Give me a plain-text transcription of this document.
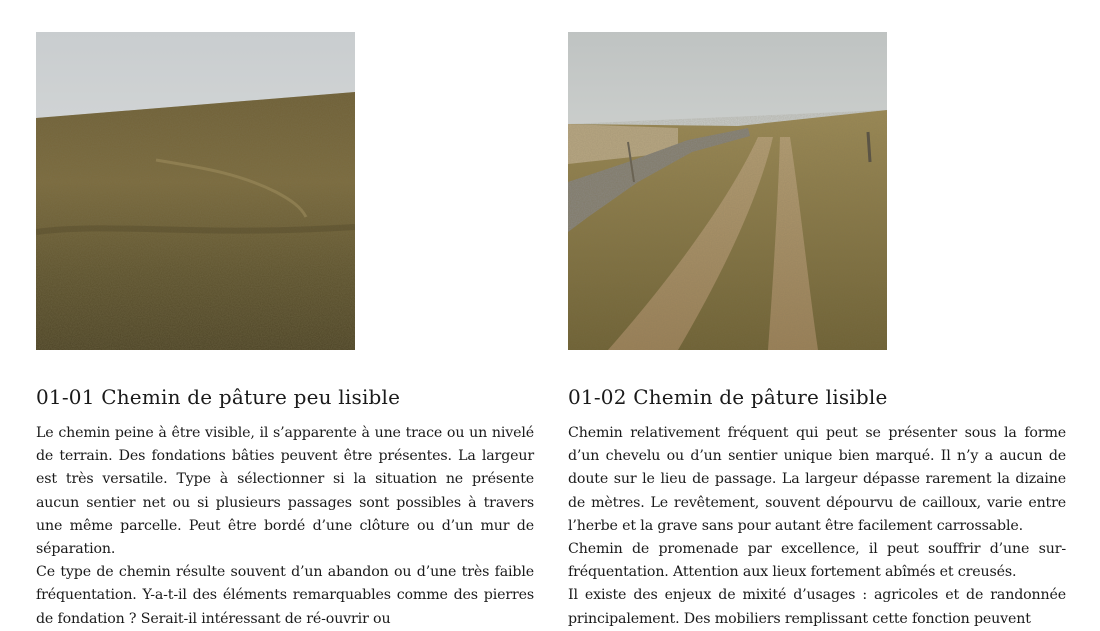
01-01 Chemin de pâture peu lisible

Le chemin peine à être visible, il s’apparente à une trace ou un nivelé de terrain. Des fondations bâties peuvent être présentes. La largeur est très versatile. Type à sélectionner si la situation ne présente aucun sentier net ou si plusieurs passages sont possibles à travers une même parcelle. Peut être bordé d’une clôture ou d’un mur de séparation.

Ce type de chemin résulte souvent d’un abandon ou d’une très faible fréquentation. Y-a-t-il des éléments remarquables comme des pierres de fondation ? Serait-il intéressant de ré-ouvrir ou

01-02 Chemin de pâture lisible

Chemin relativement fréquent qui peut se présenter sous la forme d’un chevelu ou d’un sentier unique bien marqué. Il n’y a aucun de doute sur le lieu de passage. La largeur dépasse rarement la dizaine de mètres. Le revêtement, souvent dépourvu de cailloux, varie entre l’herbe et la grave sans pour autant être facilement carrossable.

Chemin de promenade par excellence, il peut souffrir d’une sur-fréquentation. Attention aux lieux fortement abîmés et creusés.

Il existe des enjeux de mixité d’usages : agricoles et de randonnée principalement. Des mobiliers remplissant cette fonction peuvent
